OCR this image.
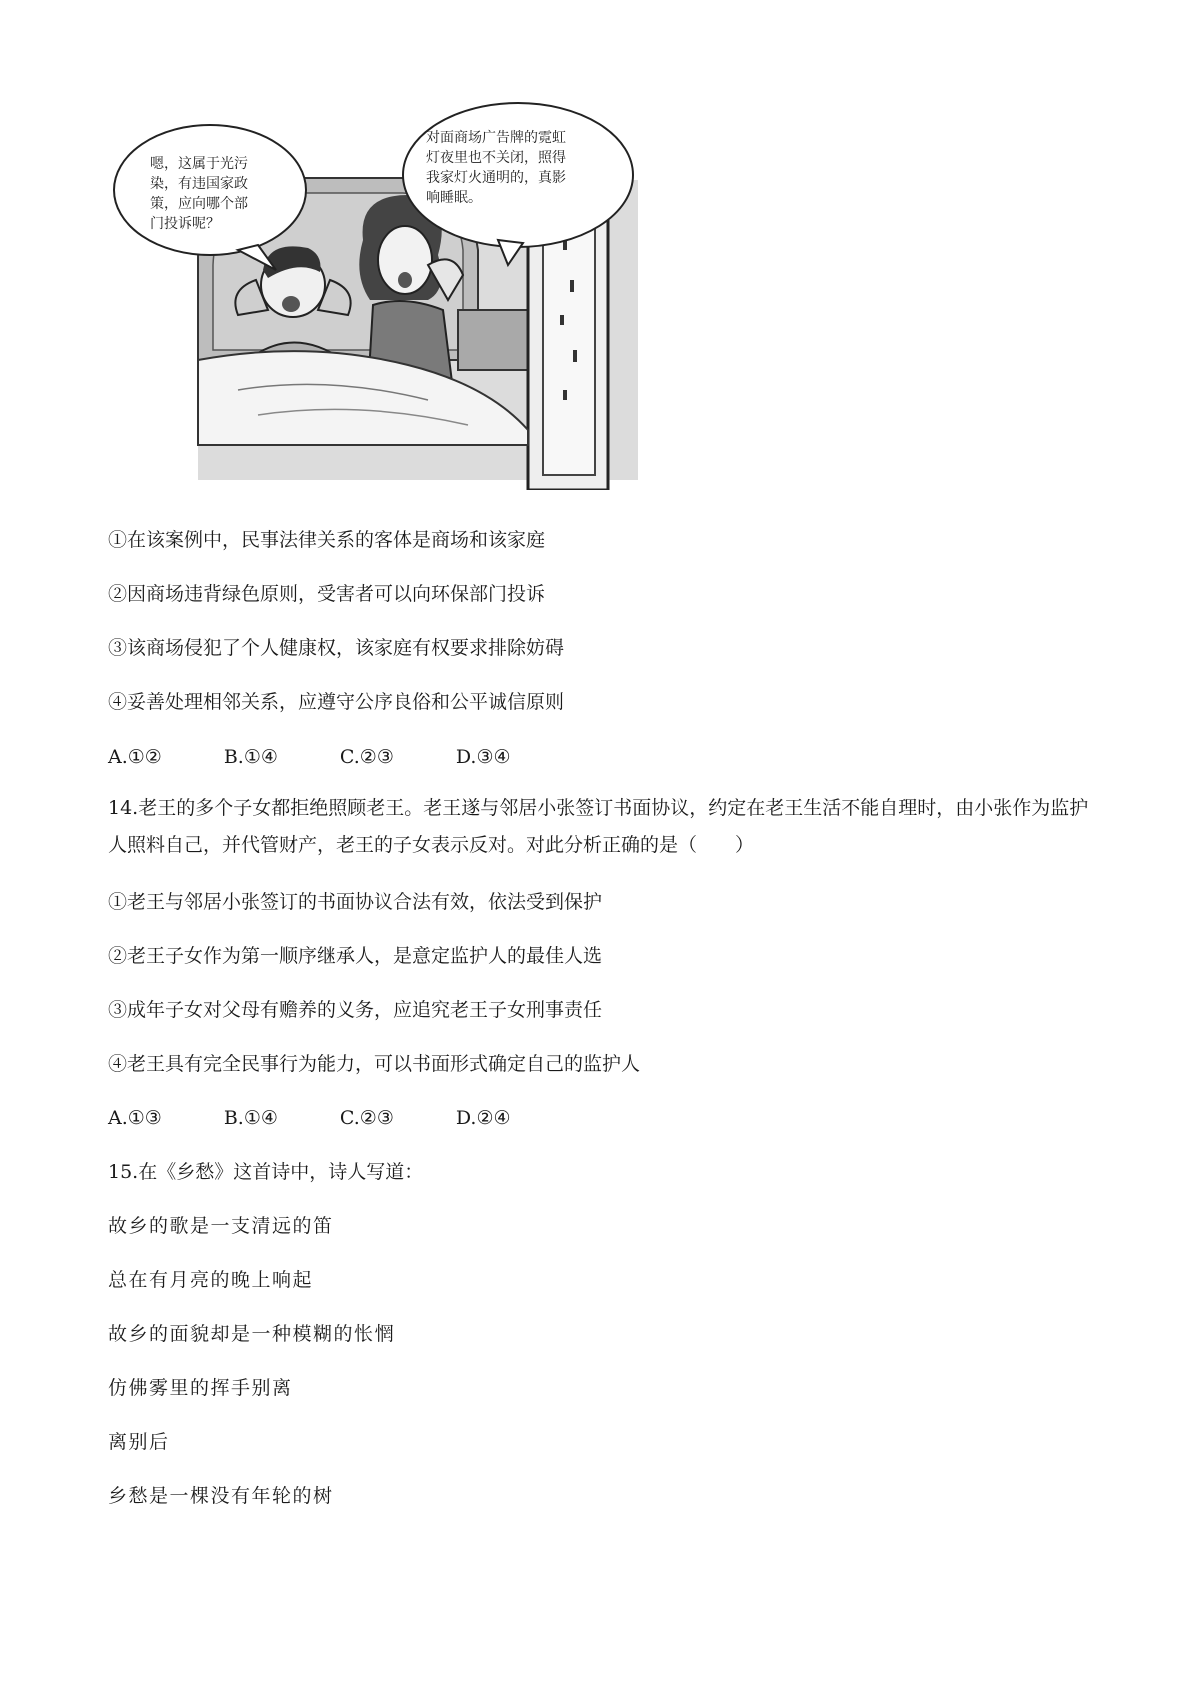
嗯，这属于光污
染，有违国家政
策，应向哪个部
门投诉呢？
对面商场广告牌的霓虹
灯夜里也不关闭，照得
我家灯火通明的，真影
响睡眠。
①在该案例中，民事法律关系的客体是商场和该家庭
②因商场违背绿色原则，受害者可以向环保部门投诉
③该商场侵犯了个人健康权，该家庭有权要求排除妨碍
④妥善处理相邻关系，应遵守公序良俗和公平诚信原则
A.①②	B.①④	C.②③	D.③④
14.老王的多个子女都拒绝照顾老王。老王遂与邻居小张签订书面协议，约定在老王生活不能自理时，由小张作为监护人照料自己，并代管财产，老王的子女表示反对。对此分析正确的是（　　）
①老王与邻居小张签订的书面协议合法有效，依法受到保护
②老王子女作为第一顺序继承人，是意定监护人的最佳人选
③成年子女对父母有赡养的义务，应追究老王子女刑事责任
④老王具有完全民事行为能力，可以书面形式确定自己的监护人
A.①③	B.①④	C.②③	D.②④
15.在《乡愁》这首诗中，诗人写道：
故乡的歌是一支清远的笛
总在有月亮的晚上响起
故乡的面貌却是一种模糊的怅惘
仿佛雾里的挥手别离
离别后
乡愁是一棵没有年轮的树
